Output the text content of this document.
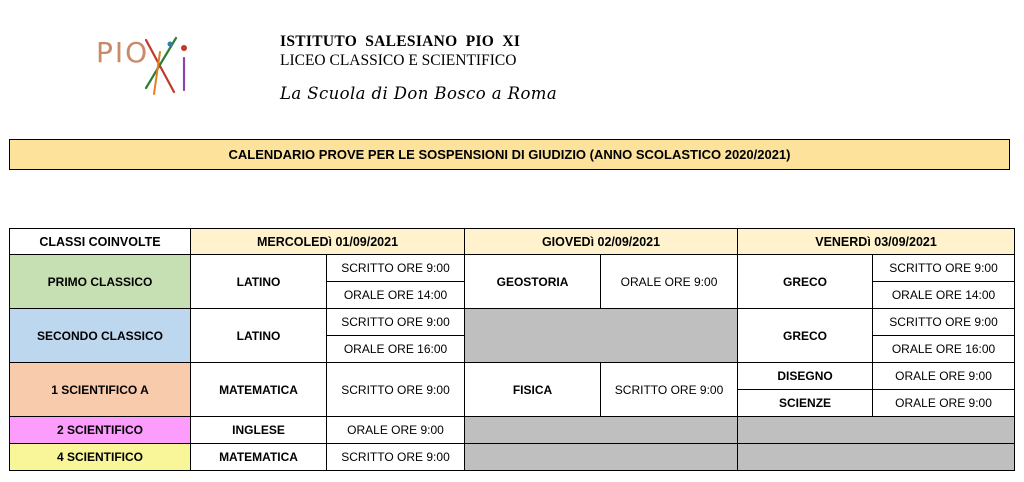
PIO	ISTITUTO SALESIANO PIO XI
LICEO CLASSICO E SCIENTIFICO
La Scuola di Don Bosco a Roma
CALENDARIO PROVE PER LE SOSPENSIONI DI GIUDIZIO (ANNO SCOLASTICO 2020/2021)
CLASSI COINVOLTE	MERCOLEDì 01/09/2021		GIOVEDì 02/09/2021		VENERDì 03/09/2021	
PRIMO CLASSICO	LATINO	SCRITTO ORE 9:00	GEOSTORIA	ORALE ORE 9:00	GRECO	SCRITTO ORE 9:00
		ORALE ORE 14:00				ORALE ORE 14:00
SECONDO CLASSICO	LATINO	SCRITTO ORE 9:00			GRECO	SCRITTO ORE 9:00
		ORALE ORE 16:00				ORALE ORE 16:00
1 SCIENTIFICO A	MATEMATICA	SCRITTO ORE 9:00	FISICA	SCRITTO ORE 9:00	DISEGNO	ORALE ORE 9:00
					SCIENZE	ORALE ORE 9:00
2 SCIENTIFICO	INGLESE	ORALE ORE 9:00				
4 SCIENTIFICO	MATEMATICA	SCRITTO ORE 9:00				
